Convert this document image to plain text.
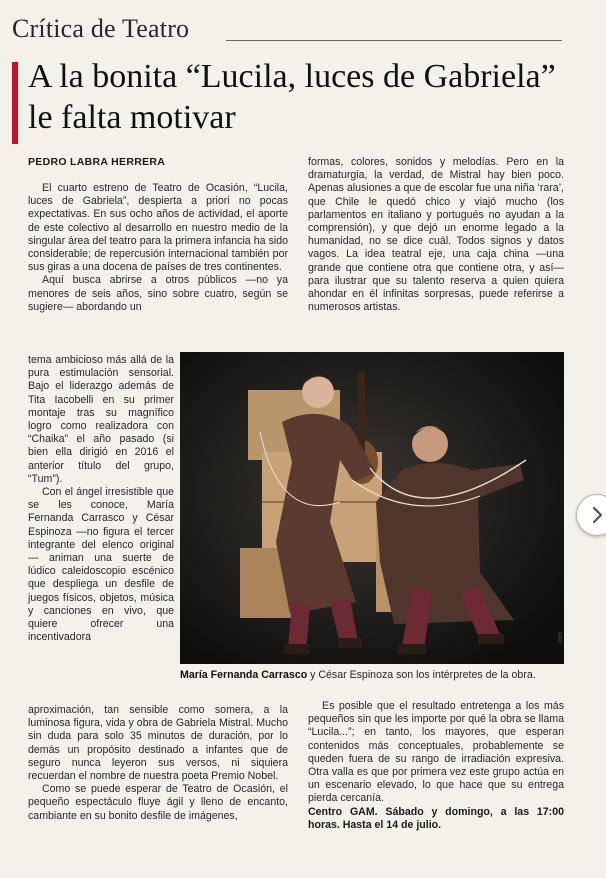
Crítica de Teatro
A la bonita “Lucila, luces de Gabriela” le falta motivar
PEDRO LABRA HERRERA

El cuarto estreno de Teatro de Ocasión, “Lucila, luces de Gabriela”, despierta a priori no pocas expectativas. En sus ocho años de actividad, el aporte de este colectivo al desarrollo en nuestro medio de la singular área del teatro para la primera infancia ha sido considerable; de repercusión internacional también por sus giras a una docena de países de tres continentes.

Aquí busca abrirse a otros públicos —no ya menores de seis años, sino sobre cuatro, según se sugiere— abordando un

tema ambicioso más allá de la pura estimulación sensorial. Bajo el liderazgo además de Tita Iacobelli en su primer montaje tras su magnífico logro como realizadora con “Chaika” el año pasado (si bien ella dirigió en 2016 el anterior título del grupo, “Tum”).

Con el ángel irresistible que se les conoce, María Fernanda Carrasco y César Espinoza —no figura el tercer integrante del elenco original— animan una suerte de lúdico caleidoscopio escénico que despliega un desfile de juegos físicos, objetos, música y canciones en vivo, que quiere ofrecer una incentivadora

aproximación, tan sensible como somera, a la luminosa figura, vida y obra de Gabriela Mistral. Mucho sin duda para solo 35 minutos de duración, por lo demás un propósito destinado a infantes que de seguro nunca leyeron sus versos, ni siquiera recuerdan el nombre de nuestra poeta Premio Nobel.

Como se puede esperar de Teatro de Ocasión, el pequeño espectáculo fluye ágil y lleno de encanto, cambiante en su bonito desfile de imágenes,

formas, colores, sonidos y melodías. Pero en la dramaturgia, la verdad, de Mistral hay bien poco. Apenas alusiones a que de escolar fue una niña ‘rara’, que Chile le quedó chico y viajó mucho (los parlamentos en italiano y portugués no ayudan a la comprensión), y que dejó un enorme legado a la humanidad, no se dice cuál. Todos signos y datos vagos. La idea teatral eje, una caja china —una grande que contiene otra que contiene otra, y así— para ilustrar que su talento reserva a quien quiera ahondar en él infinitas sorpresas, puede referirse a numerosos artistas.

GAM
María Fernanda Carrasco y César Espinoza son los intérpretes de la obra.

Es posible que el resultado entretenga a los más pequeños sin que les importe por qué la obra se llama “Lucila...”; en tanto, los mayores, que esperan contenidos más conceptuales, probablemente se queden fuera de su rango de irradiación expresiva. Otra valla es que por primera vez este grupo actúa en un escenario elevado, lo que hace que su entrega pierda cercanía.

Centro GAM. Sábado y domingo, a las 17:00 horas. Hasta el 14 de julio.
